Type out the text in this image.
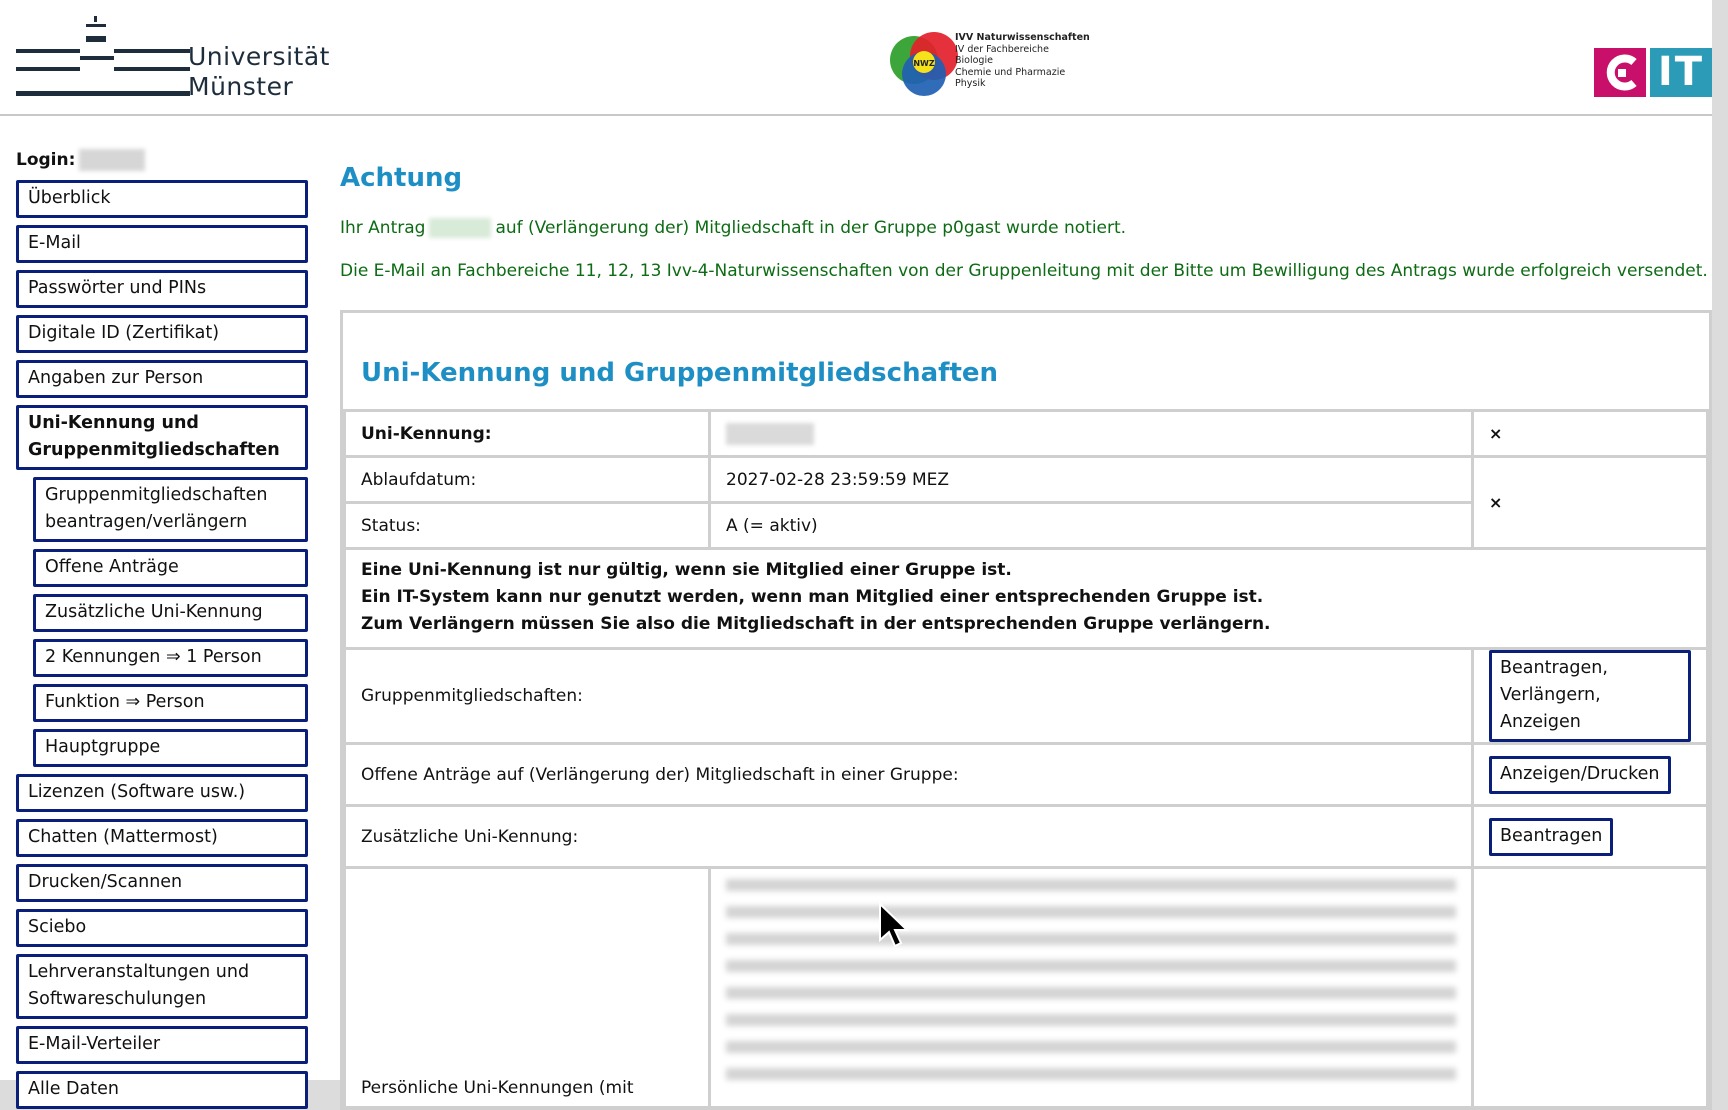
Universität
Münster
NWZ
IVV Naturwissenschaften
IV der Fachbereiche
Biologie
Chemie und Pharmazie
Physik	IT
Login:
Überblick
E-Mail
Passwörter und PINs
Digitale ID (Zertifikat)
Angaben zur Person
Uni-Kennung und Gruppenmitgliedschaften
Gruppenmitgliedschaften beantragen/verlängern
Offene Anträge
Zusätzliche Uni-Kennung
2 Kennungen ⇒ 1 Person
Funktion ⇒ Person
Hauptgruppe
Lizenzen (Software usw.)
Chatten (Mattermost)
Drucken/Scannen
Sciebo
Lehrveranstaltungen und Softwareschulungen
E-Mail-Verteiler
Alle Daten
Achtung

Ihr Antrag	auf (Verlängerung der) Mitgliedschaft in der Gruppe p0gast wurde notiert.

Die E-Mail an Fachbereiche 11, 12, 13 Ivv-4-Naturwissenschaften von der Gruppenleitung mit der Bitte um Bewilligung des Antrags wurde erfolgreich versendet.

Uni-Kennung und Gruppenmitgliedschaften
Uni-Kennung:		×
Ablaufdatum:	2027-02-28 23:59:59 MEZ	×
Status:	A (= aktiv)	

Eine Uni-Kennung ist nur gültig, wenn sie Mitglied einer Gruppe ist.
Ein IT-System kann nur genutzt werden, wenn man Mitglied einer entsprechenden Gruppe ist.
Zum Verlängern müssen Sie also die Mitgliedschaft in der entsprechenden Gruppe verlängern.		

Gruppenmitgliedschaften:		Beantragen, Verlängern, Anzeigen
Offene Anträge auf (Verlängerung der) Mitgliedschaft in einer Gruppe:		Anzeigen/Drucken
Zusätzliche Uni-Kennung:		Beantragen
Persönliche Uni-Kennungen (mit	
